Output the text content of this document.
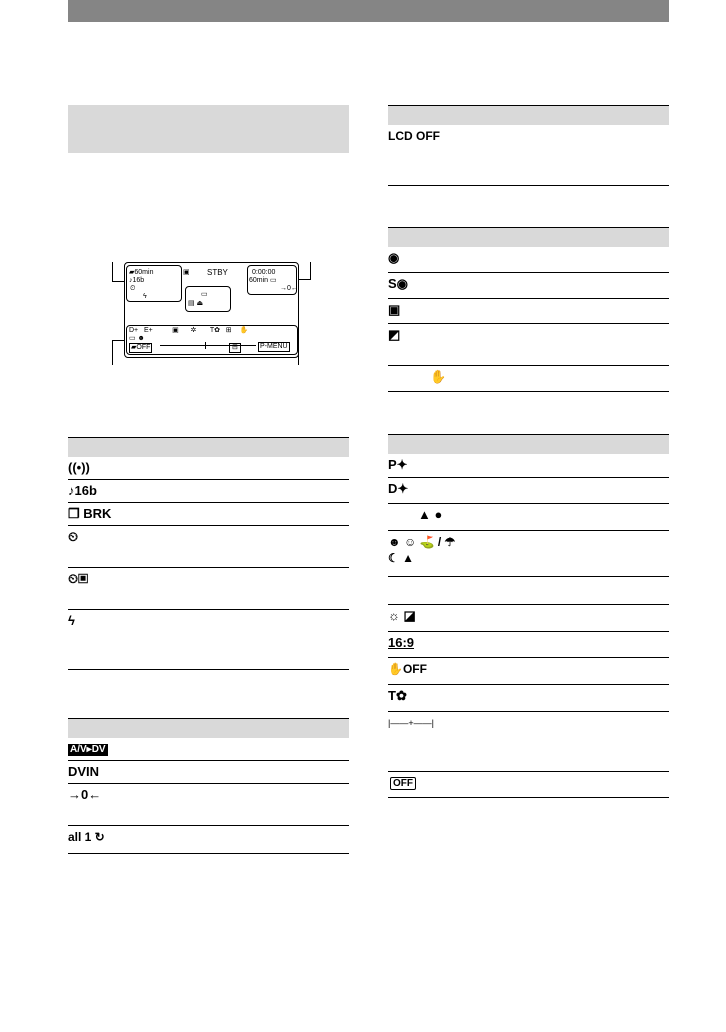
▰60min
♪16b
⏲
ϟ
▣ STBY	0:00:00
60min ▭
→0←
▭
▤ ⏏
D+   E+          ▣      ✲       T✿   ⊞    ✋
▭ ☻
▰OFF	⊟	P-MENU
((•))
♪16b
❐ BRK
⏲
⏲▣
ϟ
A/V▸DV
DVIN
→0←
all 1 ↻
LCD OFF
◉
S◉
▣
◩
✋
P✦
D✦
▲ ●
☻ ☺ ⛳ / ☂ ☾ ▲
☼ ◪
16:9
✋OFF
T✿
|——+——|
OFF
